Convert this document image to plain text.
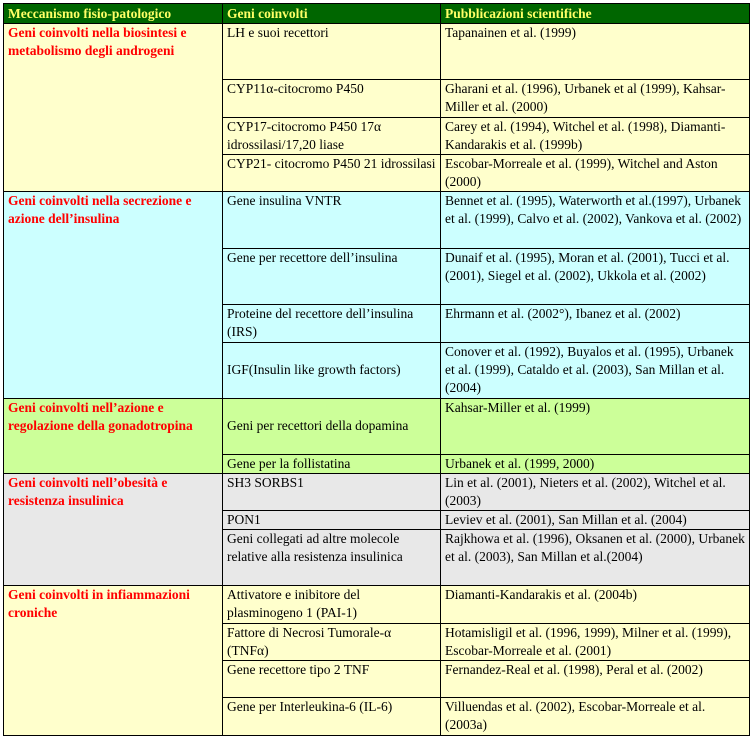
Meccanismo fisio-patologico	Geni coinvolti	Pubblicazioni scientifiche
Geni coinvolti nella biosintesi e metabolismo degli androgeni	LH e suoi recettori	Tapanainen et al. (1999)
	CYP11α-citocromo P450	Gharani et al. (1996), Urbanek et al (1999), Kahsar-Miller et al. (2000)
	CYP17-citocromo P450 17α idrossilasi/17,20 liase	Carey et al. (1994), Witchel et al. (1998), Diamanti-Kandarakis et al. (1999b)
	CYP21- citocromo P450 21 idrossilasi	Escobar-Morreale et al. (1999), Witchel and Aston (2000)
Geni coinvolti nella secrezione e azione dell’insulina	Gene insulina VNTR	Bennet et al. (1995), Waterworth et al.(1997), Urbanek et al. (1999), Calvo et al. (2002), Vankova et al. (2002)
	Gene per recettore dell’insulina	Dunaif et al. (1995), Moran et al. (2001), Tucci et al. (2001), Siegel et al. (2002), Ukkola et al. (2002)
	Proteine del recettore dell’insulina (IRS)	Ehrmann et al. (2002°), Ibanez et al. (2002)
	IGF(Insulin like growth factors)	Conover et al. (1992), Buyalos et al. (1995), Urbanek et al. (1999), Cataldo et al. (2003), San Millan et al. (2004)
Geni coinvolti nell’azione e regolazione della gonadotropina	Geni per recettori della dopamina	Kahsar-Miller et al. (1999)
	Gene per la follistatina	Urbanek et al. (1999, 2000)
Geni coinvolti nell’obesità e resistenza insulinica	SH3 SORBS1	Lin et al. (2001), Nieters et al. (2002), Witchel et al. (2003)
	PON1	Leviev et al. (2001), San Millan et al. (2004)
	Geni collegati ad altre molecole relative alla resistenza insulinica	Rajkhowa et al. (1996), Oksanen et al. (2000), Urbanek et al. (2003), San Millan et al.(2004)
Geni coinvolti in infiammazioni croniche	Attivatore e inibitore del plasminogeno 1 (PAI-1)	Diamanti-Kandarakis et al. (2004b)
	Fattore di Necrosi Tumorale-α (TNFα)	Hotamisligil et al. (1996, 1999), Milner et al. (1999), Escobar-Morreale et al. (2001)
	Gene recettore tipo 2 TNF	Fernandez-Real et al. (1998), Peral et al. (2002)
	Gene per Interleukina-6 (IL-6)	Villuendas et al. (2002), Escobar-Morreale et al. (2003a)
